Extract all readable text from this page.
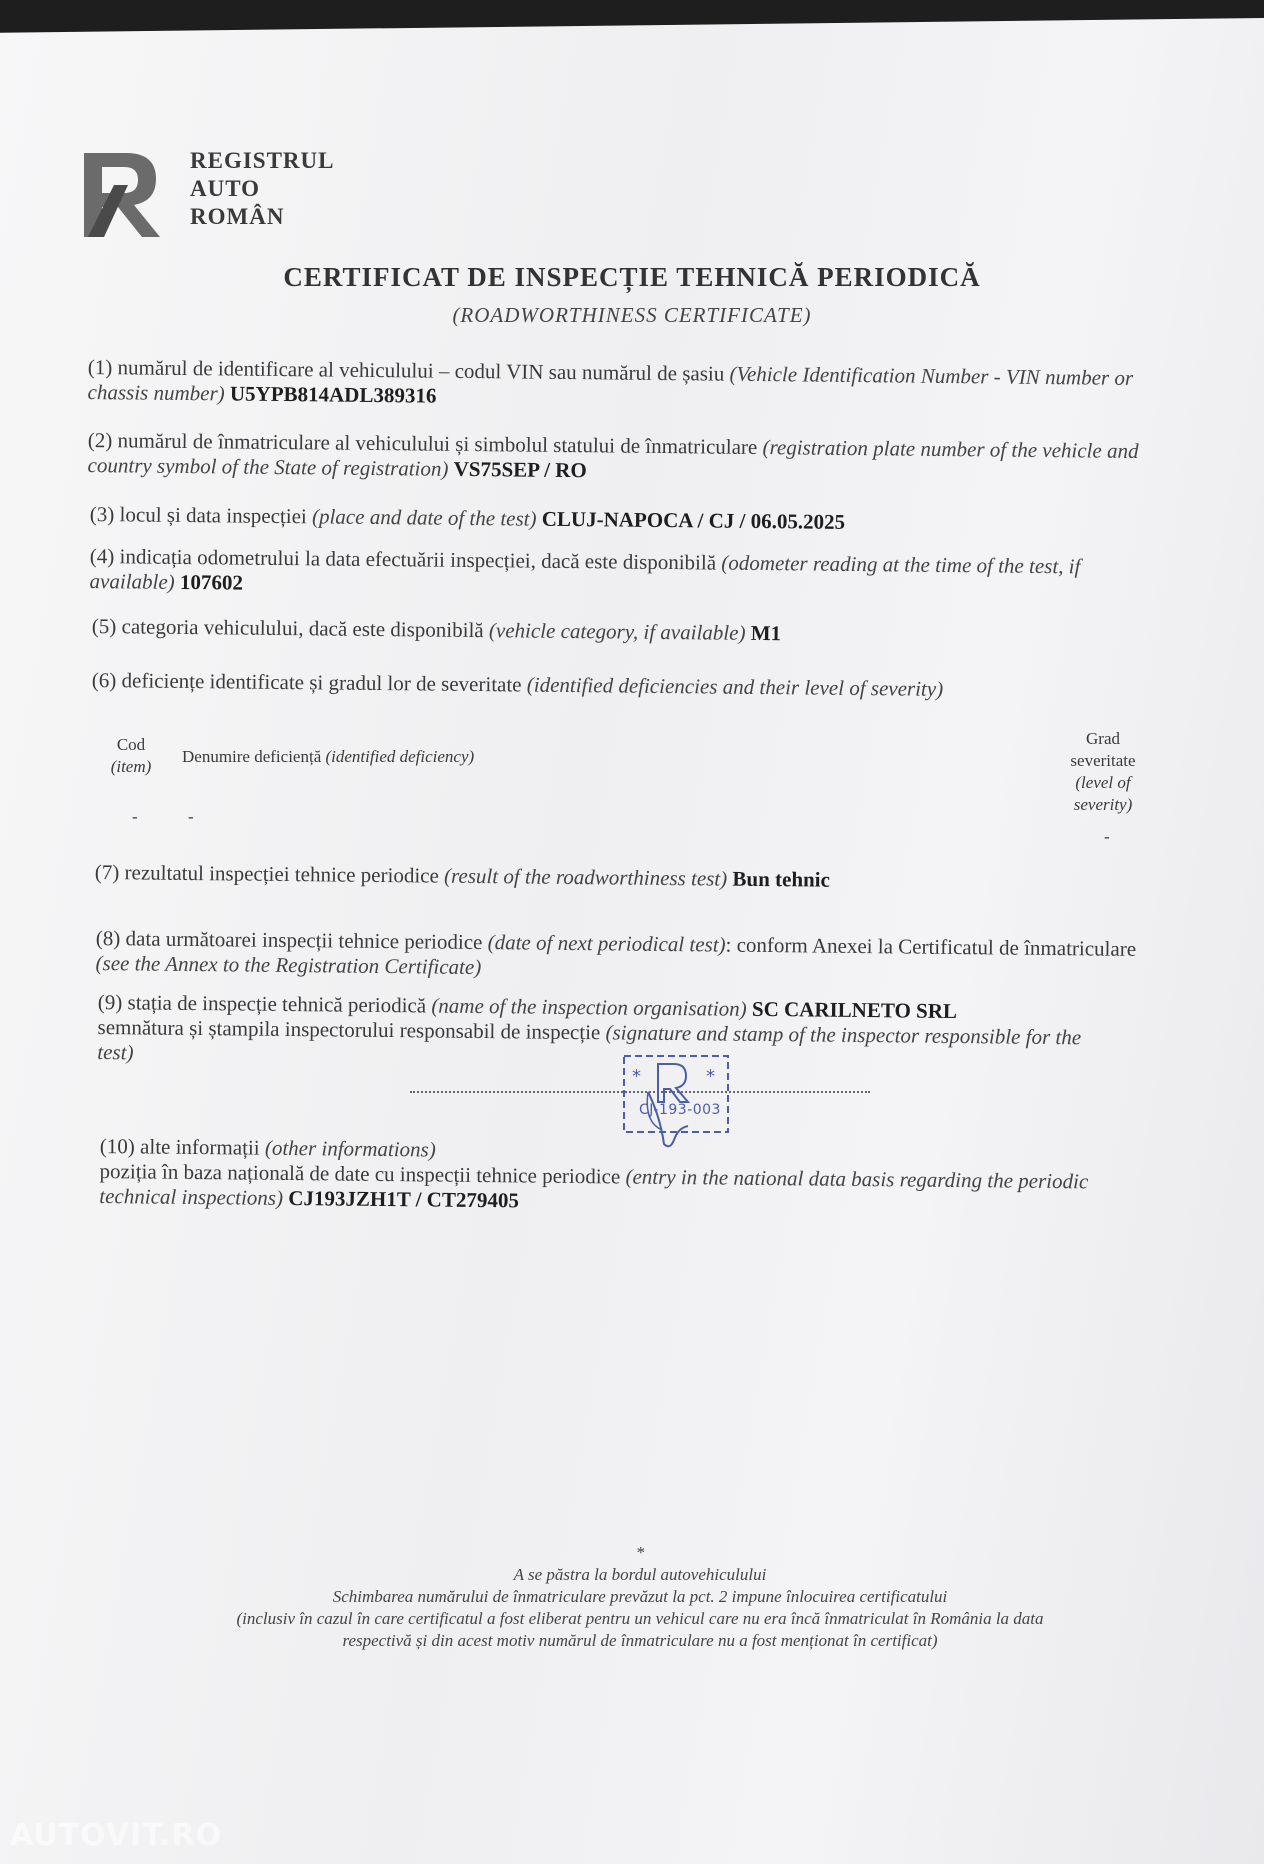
REGISTRUL
AUTO
ROMÂN
CERTIFICAT DE INSPECȚIE TEHNICĂ PERIODICĂ
(ROADWORTHINESS CERTIFICATE)
(1) numărul de identificare al vehiculului – codul VIN sau numărul de șasiu (Vehicle Identification Number - VIN number or chassis number) U5YPB814ADL389316
(2) numărul de înmatriculare al vehiculului și simbolul statului de înmatriculare (registration plate number of the vehicle and country symbol of the State of registration) VS75SEP / RO
(3) locul și data inspecției (place and date of the test) CLUJ-NAPOCA / CJ / 06.05.2025
(4) indicația odometrului la data efectuării inspecției, dacă este disponibilă (odometer reading at the time of the test, if available) 107602
(5) categoria vehiculului, dacă este disponibilă (vehicle category, if available) M1
(6) deficiențe identificate și gradul lor de severitate (identified deficiencies and their level of severity)
Cod
(item)
Denumire deficiență (identified deficiency)
Grad
severitate
(level of
severity)
-	-
-
(7) rezultatul inspecției tehnice periodice (result of the roadworthiness test) Bun tehnic
(8) data următoarei inspecții tehnice periodice (date of next periodical test): conform Anexei la Certificatul de înmatriculare (see the Annex to the Registration Certificate)
(9) stația de inspecție tehnică periodică (name of the inspection organisation) SC CARILNETO SRL
semnătura și ștampila inspectorului responsabil de inspecție (signature and stamp of the inspector responsible for the test)
*	*
CJ-193-003
(10) alte informații (other informations)
poziția în baza națională de date cu inspecții tehnice periodice (entry in the national data basis regarding the periodic technical inspections) CJ193JZH1T / CT279405
*
A se păstra la bordul autovehiculului
Schimbarea numărului de înmatriculare prevăzut la pct. 2 impune înlocuirea certificatului
(inclusiv în cazul în care certificatul a fost eliberat pentru un vehicul care nu era încă înmatriculat în România la data
respectivă și din acest motiv numărul de înmatriculare nu a fost menționat în certificat)
AUTOVIT.RO
